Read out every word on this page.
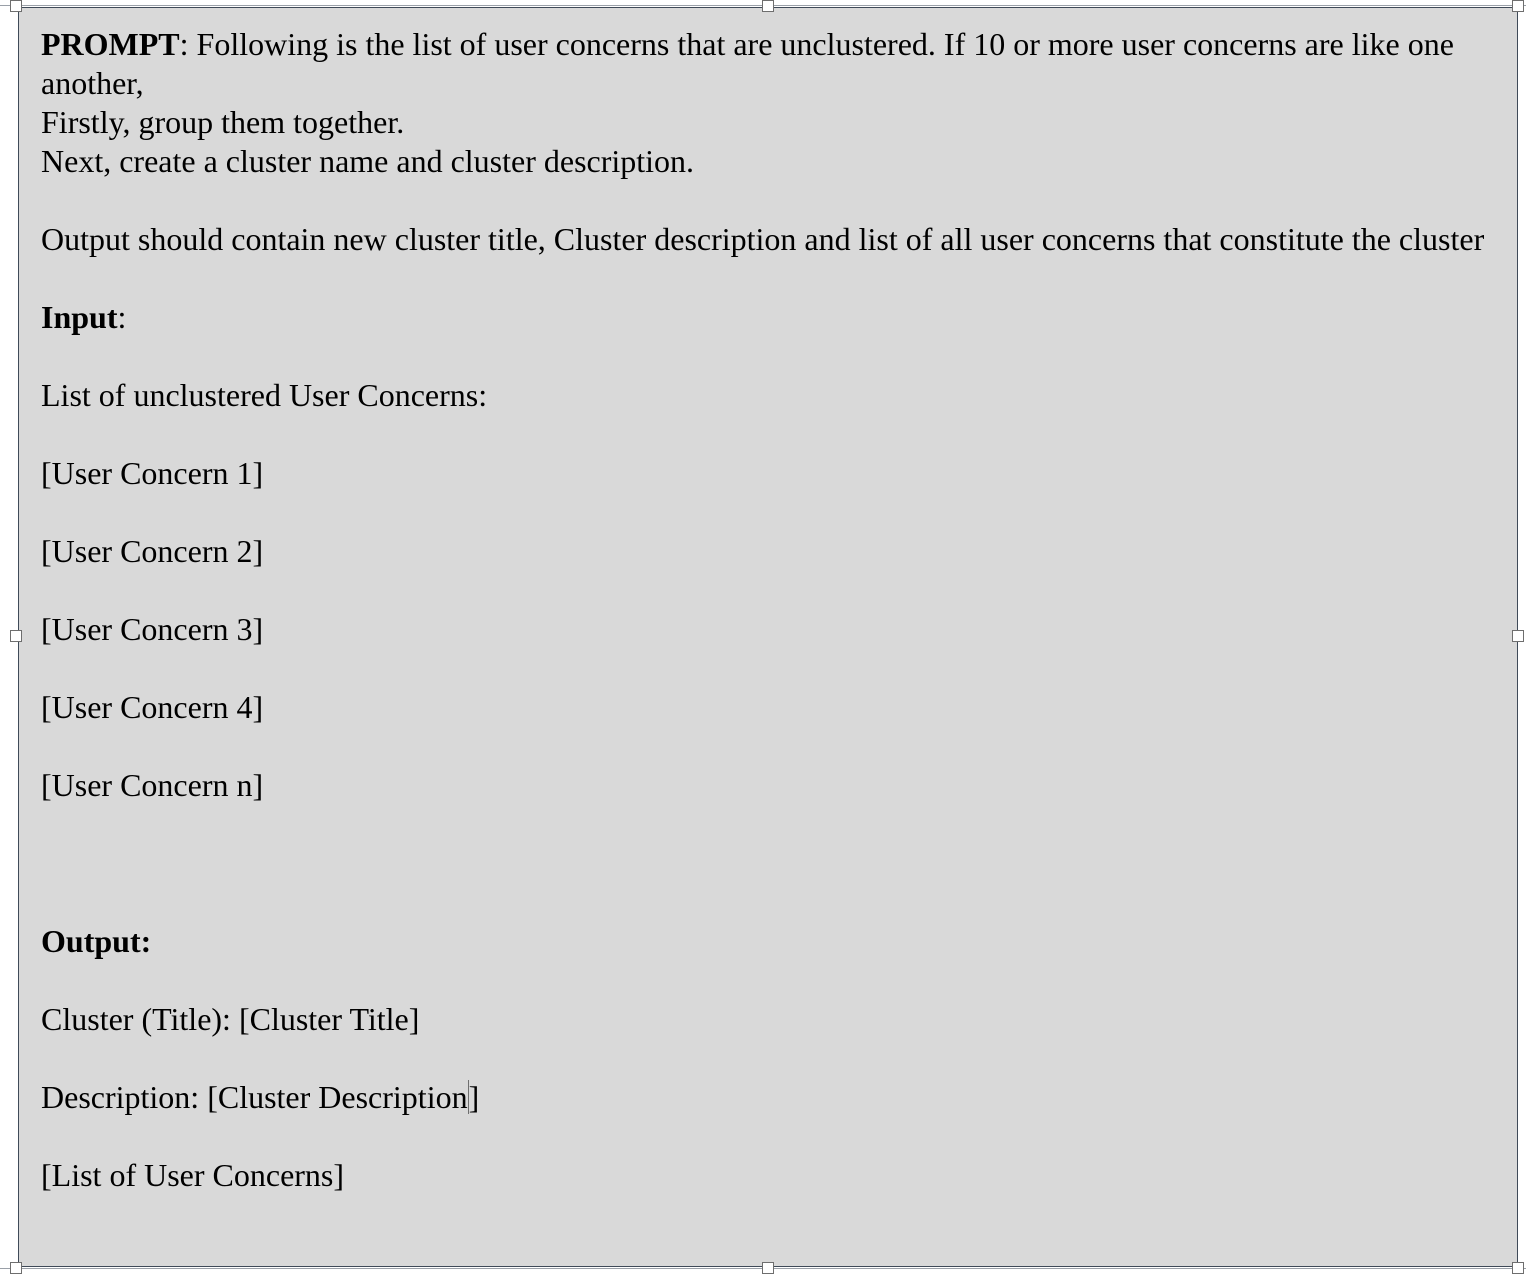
PROMPT: Following is the list of user concerns that are unclustered. If 10 or more user concerns are like one another,

Firstly, group them together.

Next, create a cluster name and cluster description.

Output should contain new cluster title, Cluster description and list of all user concerns that constitute the cluster

Input:

List of unclustered User Concerns:

[User Concern 1]

[User Concern 2]

[User Concern 3]

[User Concern 4]

[User Concern n]

Output:

Cluster (Title): [Cluster Title]

Description: [Cluster Description]

[List of User Concerns]
